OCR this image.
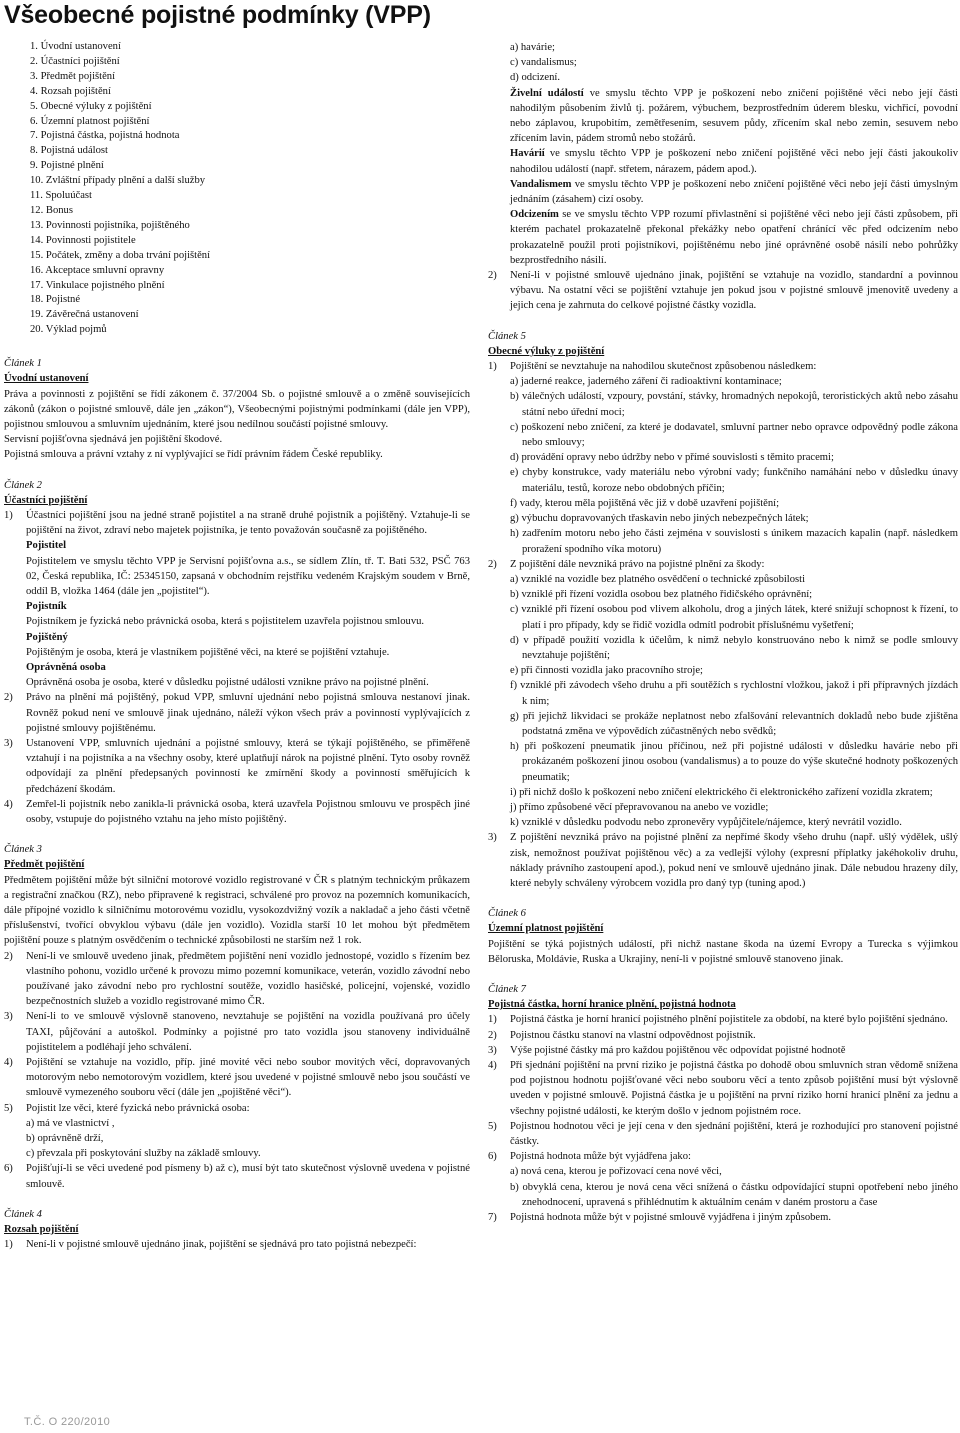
Všeobecné pojistné podmínky (VPP)
1. Úvodní ustanovení
2. Účastníci pojištění
3. Předmět pojištění
4. Rozsah pojištění
5. Obecné výluky z pojištění
6. Územní platnost pojištění
7. Pojistná částka, pojistná hodnota
8. Pojistná událost
9. Pojistné plnění
10. Zvláštní případy plnění a další služby
11. Spoluúčast
12. Bonus
13. Povinnosti pojistníka, pojištěného
14. Povinnosti pojistitele
15. Počátek, změny a doba trvání pojištění
16. Akceptace smluvní opravny
17. Vinkulace pojistného plnění
18. Pojistné
19. Závěrečná ustanovení
20. Výklad pojmů
Článek 1
Úvodní ustanovení

Práva a povinnosti z pojištění se řídí zákonem č. 37/2004 Sb. o pojistné smlouvě a o změně souvisejících zákonů (zákon o pojistné smlouvě, dále jen „zákon“), Všeobecnými pojistnými podmínkami (dále jen VPP), pojistnou smlouvou a smluvním ujednáním, které jsou nedílnou součástí pojistné smlouvy.

Servisní pojišťovna sjednává jen pojištění škodové.

Pojistná smlouva a právní vztahy z ní vyplývající se řídí právním řádem České republiky.

Článek 2
Účastníci pojištění
1) Účastníci pojištění jsou na jedné straně pojistitel a na straně druhé pojistník a pojištěný. Vztahuje-li se pojištění na život, zdraví nebo majetek pojistníka, je tento považován současně za pojištěného.
Pojistitel
Pojistitelem ve smyslu těchto VPP je Servisní pojišťovna a.s., se sídlem Zlín, tř. T. Bati 532, PSČ 763 02, Česká republika, IČ: 25345150, zapsaná v obchodním rejstříku vedeném Krajským soudem v Brně, oddíl B, vložka 1464 (dále jen „pojistitel“).
Pojistník
Pojistníkem je fyzická nebo právnická osoba, která s pojistitelem uzavřela pojistnou smlouvu.
Pojištěný
Pojištěným je osoba, která je vlastníkem pojištěné věci, na které se pojištění vztahuje.
Oprávněná osoba
Oprávněná osoba je osoba, které v důsledku pojistné události vznikne právo na pojistné plnění.
2) Právo na plnění má pojištěný, pokud VPP, smluvní ujednání nebo pojistná smlouva nestanoví jinak. Rovněž pokud není ve smlouvě jinak ujednáno, náleží výkon všech práv a povinností vyplývajících z pojistné smlouvy pojištěnému.
3) Ustanovení VPP, smluvních ujednání a pojistné smlouvy, která se týkají pojištěného, se přiměřeně vztahují i na pojistníka a na všechny osoby, které uplatňují nárok na pojistné plnění. Tyto osoby rovněž odpovídají za plnění předepsaných povinností ke zmírnění škody a povinností směřujících k předcházení škodám.
4) Zemřel-li pojistník nebo zanikla-li právnická osoba, která uzavřela Pojistnou smlouvu ve prospěch jiné osoby, vstupuje do pojistného vztahu na jeho místo pojištěný.
Článek 3
Předmět pojištění

Předmětem pojištění může být silniční motorové vozidlo registrované v ČR s platným technickým průkazem a registrační značkou (RZ), nebo připravené k registraci, schválené pro provoz na pozemních komunikacích, dále přípojné vozidlo k silničnímu motorovému vozidlu, vysokozdvižný vozík a nakladač a jeho části včetně příslušenství, tvořící obvyklou výbavu (dále jen vozidlo). Vozidla starší 10 let mohou být předmětem pojištění pouze s platným osvědčením o technické způsobilosti ne starším než 1 rok.

2) Není-li ve smlouvě uvedeno jinak, předmětem pojištění není vozidlo jednostopé, vozidlo s řízením bez vlastního pohonu, vozidlo určené k provozu mimo pozemní komunikace, veterán, vozidlo závodní nebo používané jako závodní nebo pro rychlostní soutěže, vozidlo hasičské, policejní, vojenské, vozidlo bezpečnostních služeb a vozidlo registrované mimo ČR.
3) Není-li to ve smlouvě výslovně stanoveno, nevztahuje se pojištění na vozidla používaná pro účely TAXI, půjčování a autoškol. Podmínky a pojistné pro tato vozidla jsou stanoveny individuálně pojistitelem a podléhají jeho schválení.
4) Pojištění se vztahuje na vozidlo, příp. jiné movité věci nebo soubor movitých věcí, dopravovaných motorovým nebo nemotorovým vozidlem, které jsou uvedené v pojistné smlouvě nebo jsou součástí ve smlouvě vymezeného souboru věcí (dále jen „pojištěné věci“).
5) Pojistit lze věci, které fyzická nebo právnická osoba:
a) má ve vlastnictví ,
b) oprávněně drží,
c) převzala při poskytování služby na základě smlouvy.
6) Pojišťují-li se věci uvedené pod písmeny b) až c), musí být tato skutečnost výslovně uvedena v pojistné smlouvě.
Článek 4
Rozsah pojištění
1) Není-li v pojistné smlouvě ujednáno jinak, pojištění se sjednává pro tato pojistná nebezpečí:
a) havárie;
c) vandalismus;
d) odcizení.
Živelní událostí ve smyslu těchto VPP je poškození nebo zničení pojištěné věci nebo její části nahodilým působením živlů tj. požárem, výbuchem, bezprostředním úderem blesku, vichřicí, povodní nebo záplavou, krupobitím, zemětřesením, sesuvem půdy, zřícením skal nebo zemin, sesuvem nebo zřícením lavin, pádem stromů nebo stožárů.
Havárií ve smyslu těchto VPP je poškození nebo zničení pojištěné věci nebo její části jakoukoliv nahodilou událostí (např. střetem, nárazem, pádem apod.).
Vandalismem ve smyslu těchto VPP je poškození nebo zničení pojištěné věci nebo její části úmyslným jednáním (zásahem) cizí osoby.
Odcizením se ve smyslu těchto VPP rozumí přivlastnění si pojištěné věci nebo její části způsobem, při kterém pachatel prokazatelně překonal překážky nebo opatření chránící věc před odcizením nebo prokazatelně použil proti pojistníkovi, pojištěnému nebo jiné oprávněné osobě násilí nebo pohrůžky bezprostředního násilí.
2) Není-li v pojistné smlouvě ujednáno jinak, pojištění se vztahuje na vozidlo, standardní a povinnou výbavu. Na ostatní věci se pojištění vztahuje jen pokud jsou v pojistné smlouvě jmenovitě uvedeny a jejich cena je zahrnuta do celkové pojistné částky vozidla.
Článek 5
Obecné výluky z pojištění
1) Pojištění se nevztahuje na nahodilou skutečnost způsobenou následkem:
a) jaderné reakce, jaderného záření či radioaktivní kontaminace;
b) válečných událostí, vzpoury, povstání, stávky, hromadných nepokojů, teroristických aktů nebo zásahu státní nebo úřední moci;
c) poškození nebo zničení, za které je dodavatel, smluvní partner nebo opravce odpovědný podle zákona nebo smlouvy;
d) provádění opravy nebo údržby nebo v přímé souvislosti s těmito pracemi;
e) chyby konstrukce, vady materiálu nebo výrobní vady; funkčního namáhání nebo v důsledku únavy materiálu, testů, koroze nebo obdobných příčin;
f) vady, kterou měla pojištěná věc již v době uzavření pojištění;
g) výbuchu dopravovaných třaskavin nebo jiných nebezpečných látek;
h) zadřením motoru nebo jeho části zejména v souvislosti s únikem mazacích kapalin (např. následkem proražení spodního víka motoru)
2) Z pojištění dále nevzniká právo na pojistné plnění za škody:
a) vzniklé na vozidle bez platného osvědčení o technické způsobilosti
b) vzniklé při řízení vozidla osobou bez platného řidičského oprávnění;
c) vzniklé při řízení osobou pod vlivem alkoholu, drog a jiných látek, které snižují schopnost k řízení, to platí i pro případy, kdy se řidič vozidla odmítl podrobit příslušnému vyšetření;
d) v případě použití vozidla k účelům, k nimž nebylo konstruováno nebo k nimž se podle smlouvy nevztahuje pojištění;
e) při činnosti vozidla jako pracovního stroje;
f) vzniklé při závodech všeho druhu a při soutěžích s rychlostní vložkou, jakož i při přípravných jízdách k nim;
g) při jejichž likvidaci se prokáže neplatnost nebo zfalšování relevantních dokladů nebo bude zjištěna podstatná změna ve výpovědích zúčastněných nebo svědků;
h) při poškození pneumatik jinou příčinou, než při pojistné události v důsledku havárie nebo při prokázaném poškození jinou osobou (vandalismus) a to pouze do výše skutečné hodnoty poškozených pneumatik;
i) při nichž došlo k poškození nebo zničení elektrického či elektronického zařízení vozidla zkratem;
j) přímo způsobené věcí přepravovanou na anebo ve vozidle;
k) vzniklé v důsledku podvodu nebo zpronevěry vypůjčitele/nájemce, který nevrátil vozidlo.
3) Z pojištění nevzniká právo na pojistné plnění za nepřímé škody všeho druhu (např. ušlý výdělek, ušlý zisk, nemožnost používat pojištěnou věc) a za vedlejší výlohy (expresní příplatky jakéhokoliv druhu, náklady právního zastoupení apod.), pokud není ve smlouvě ujednáno jinak. Dále nebudou hrazeny díly, které nebyly schváleny výrobcem vozidla pro daný typ (tuning apod.)
Článek 6
Územní platnost pojištění

Pojištění se týká pojistných událostí, při nichž nastane škoda na území Evropy a Turecka s výjimkou Běloruska, Moldávie, Ruska a Ukrajiny, není-li v pojistné smlouvě stanoveno jinak.

Článek 7
Pojistná částka, horní hranice plnění, pojistná hodnota
1) Pojistná částka je horní hranicí pojistného plnění pojistitele za období, na které bylo pojištění sjednáno.
2) Pojistnou částku stanoví na vlastní odpovědnost pojistník.
3) Výše pojistné částky má pro každou pojištěnou věc odpovídat pojistné hodnotě
4) Při sjednání pojištění na první riziko je pojistná částka po dohodě obou smluvních stran vědomě snížena pod pojistnou hodnotu pojišťované věci nebo souboru věcí a tento způsob pojištění musí být výslovně uveden v pojistné smlouvě. Pojistná částka je u pojištění na první riziko horní hranicí plnění za jednu a všechny pojistné události, ke kterým došlo v jednom pojistném roce.
5) Pojistnou hodnotou věci je její cena v den sjednání pojištění, která je rozhodující pro stanovení pojistné částky.
6) Pojistná hodnota může být vyjádřena jako:
a) nová cena, kterou je pořizovací cena nové věci,
b) obvyklá cena, kterou je nová cena věci snížená o částku odpovídající stupni opotřebení nebo jiného znehodnocení, upravená s přihlédnutím k aktuálním cenám v daném prostoru a čase
7) Pojistná hodnota může být v pojistné smlouvě vyjádřena i jiným způsobem.
T.Č. O 220/2010
